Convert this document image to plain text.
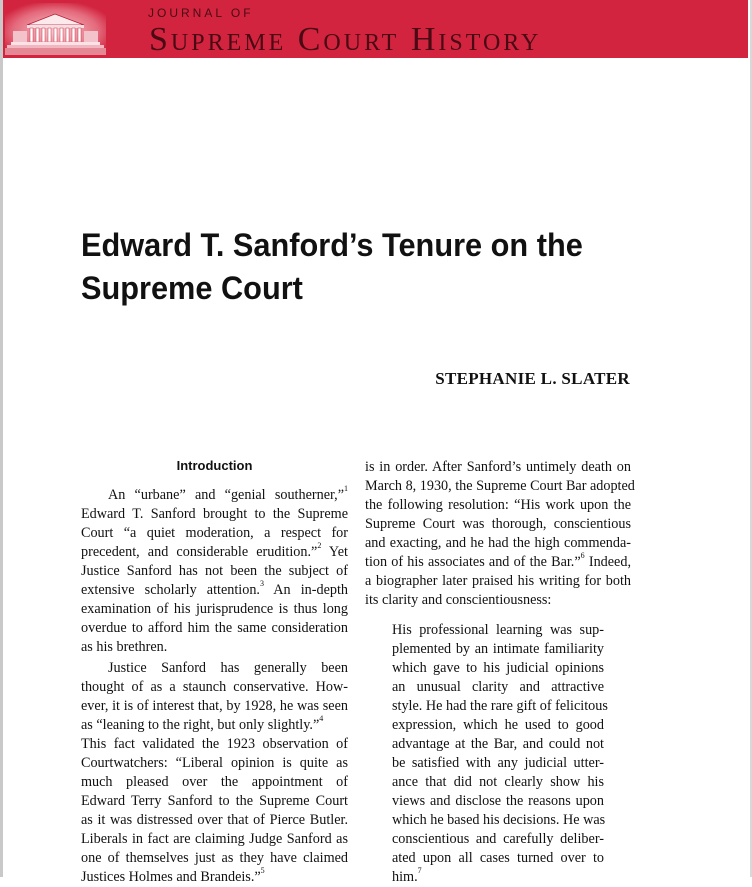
JOURNAL OF
Supreme Court History
Edward T. Sanford’s Tenure on the
Supreme Court
STEPHANIE L. SLATER
Introduction
An “urbane” and “genial southerner,”$^1$
Edward T. Sanford brought to the Supreme
Court “a quiet moderation, a respect for
precedent, and considerable erudition.”$^2$ Yet
Justice Sanford has not been the subject of
extensive scholarly attention.$^3$ An in-depth
examination of his jurisprudence is thus long
overdue to afford him the same consideration
as his brethren.
Justice Sanford has generally been
thought of as a staunch conservative. How-
ever, it is of interest that, by 1928, he was seen
as “leaning to the right, but only slightly.”$^4$
This fact validated the 1923 observation of
Courtwatchers: “Liberal opinion is quite as
much pleased over the appointment of
Edward Terry Sanford to the Supreme Court
as it was distressed over that of Pierce Butler.
Liberals in fact are claiming Judge Sanford as
one of themselves just as they have claimed
Justices Holmes and Brandeis.”$^5$
is in order. After Sanford’s untimely death on
March 8, 1930, the Supreme Court Bar adopted
the following resolution: “His work upon the
Supreme Court was thorough, conscientious
and exacting, and he had the high commenda-
tion of his associates and of the Bar.”$^6$ Indeed,
a biographer later praised his writing for both
its clarity and conscientiousness:
His professional learning was sup-
plemented by an intimate familiarity
which gave to his judicial opinions
an unusual clarity and attractive
style. He had the rare gift of felicitous
expression, which he used to good
advantage at the Bar, and could not
be satisfied with any judicial utter-
ance that did not clearly show his
views and disclose the reasons upon
which he based his decisions. He was
conscientious and carefully deliber-
ated upon all cases turned over to
him.$^7$
